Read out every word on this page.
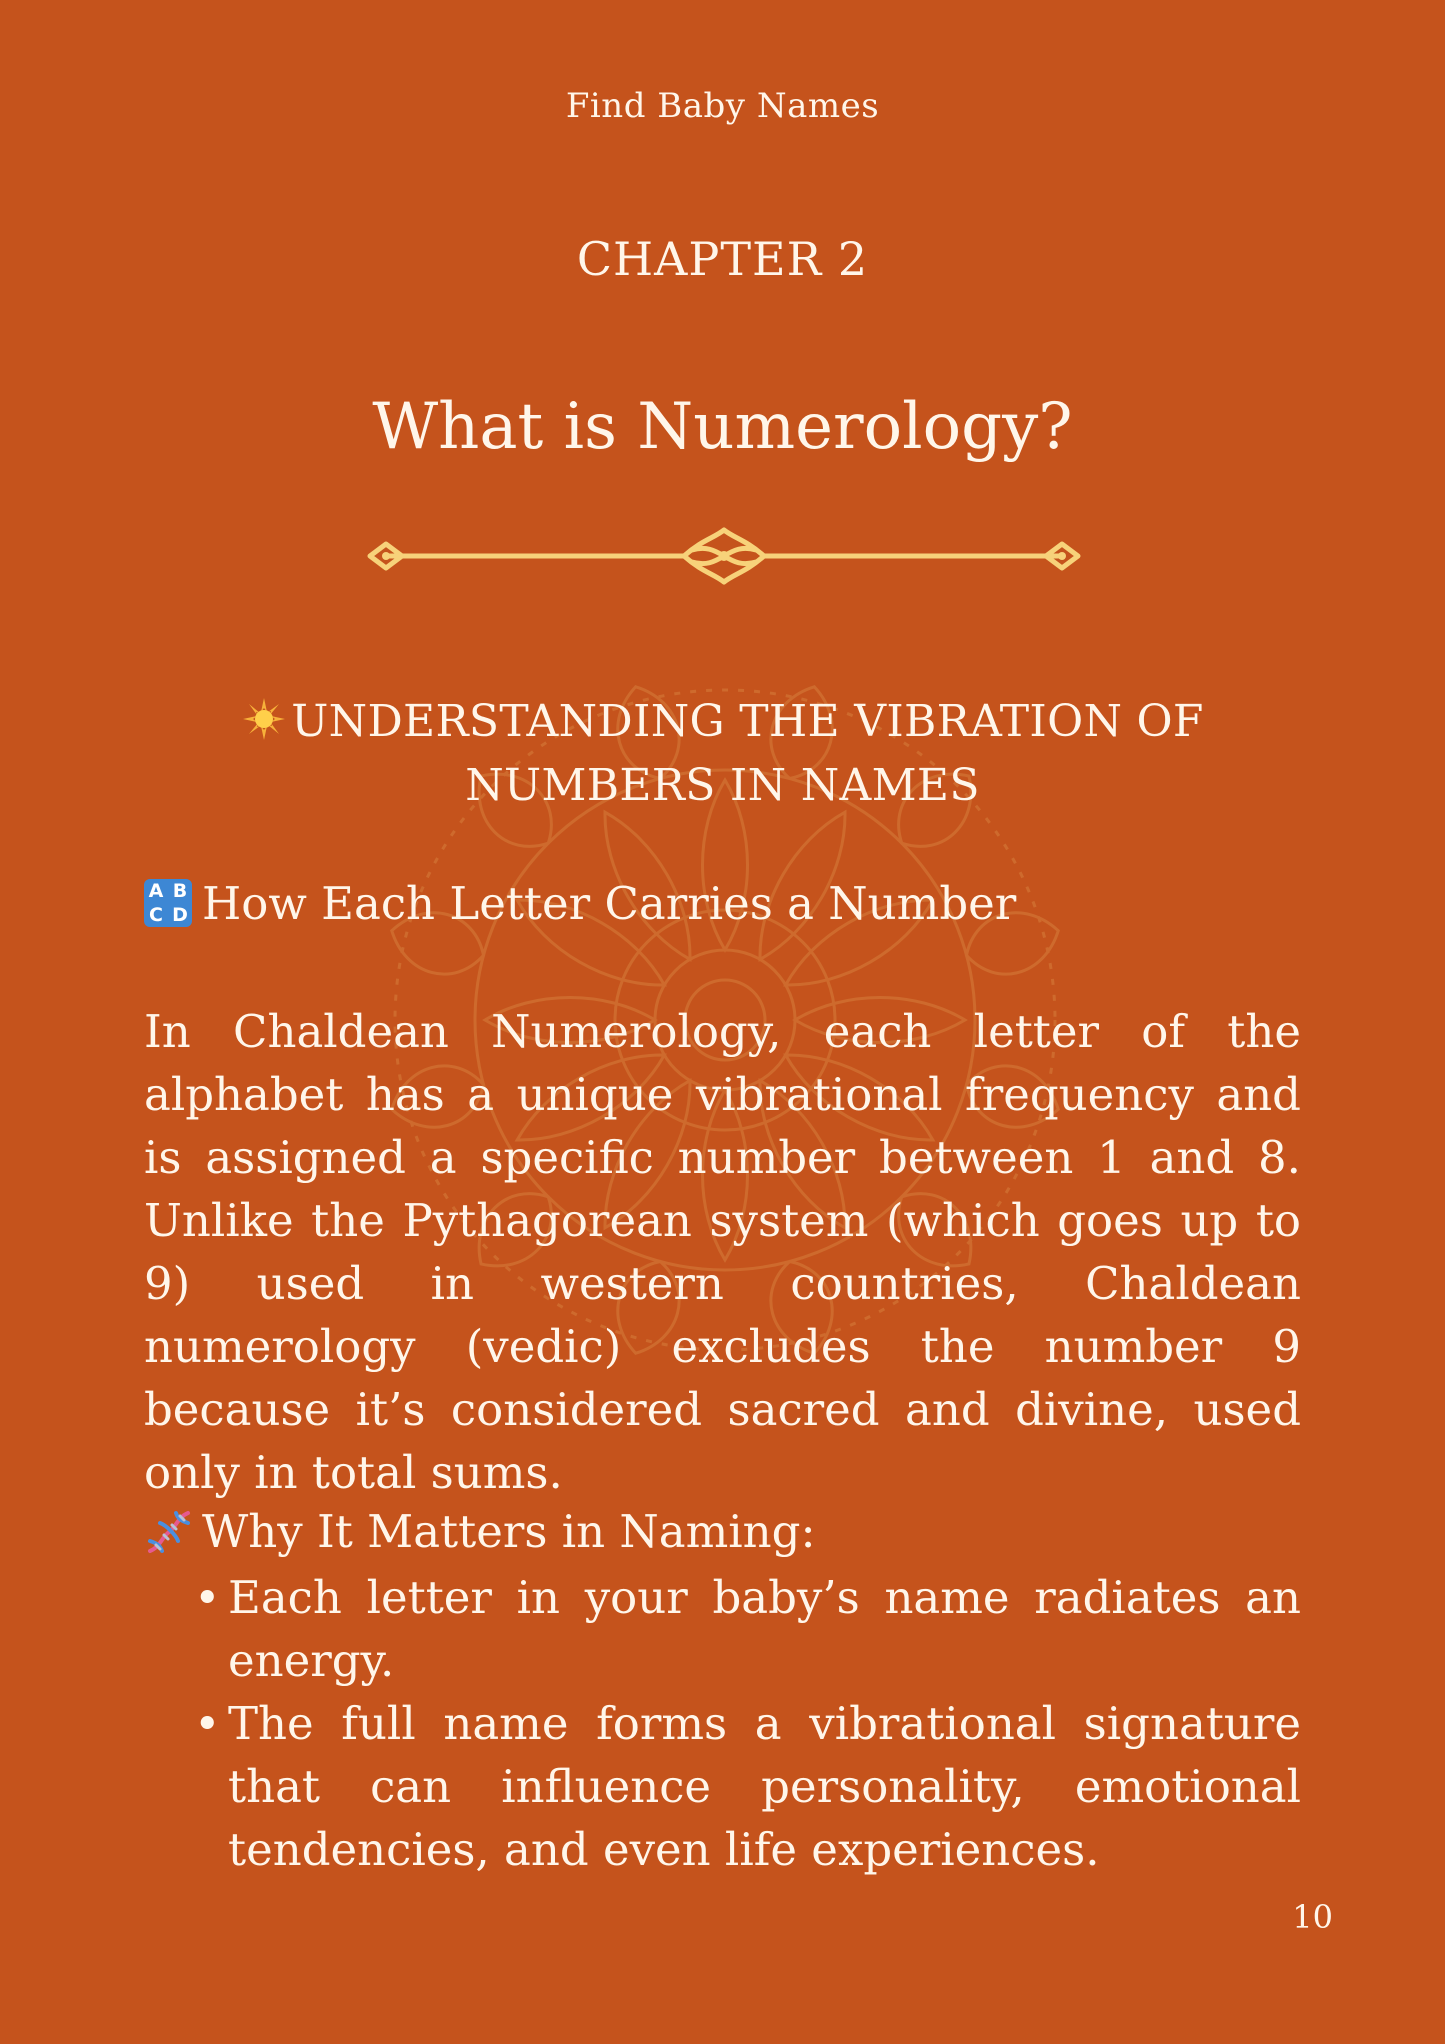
Find Baby Names
CHAPTER 2
What is Numerology?
UNDERSTANDING THE VIBRATION OF
NUMBERS IN NAMES
A B
C D How Each Letter Carries a Number

In Chaldean Numerology, each letter of the alphabet has a unique vibrational frequency and is assigned a specific number between 1 and 8. Unlike the Pythagorean system (which goes up to 9) used in western countries, Chaldean numerology (vedic) excludes the number 9 because it’s considered sacred and divine, used only in total sums.

Why It Matters in Naming:
• Each letter in your baby’s name radiates an energy.
• The full name forms a vibrational signature that can influence personality, emotional tendencies, and even life experiences.
10
